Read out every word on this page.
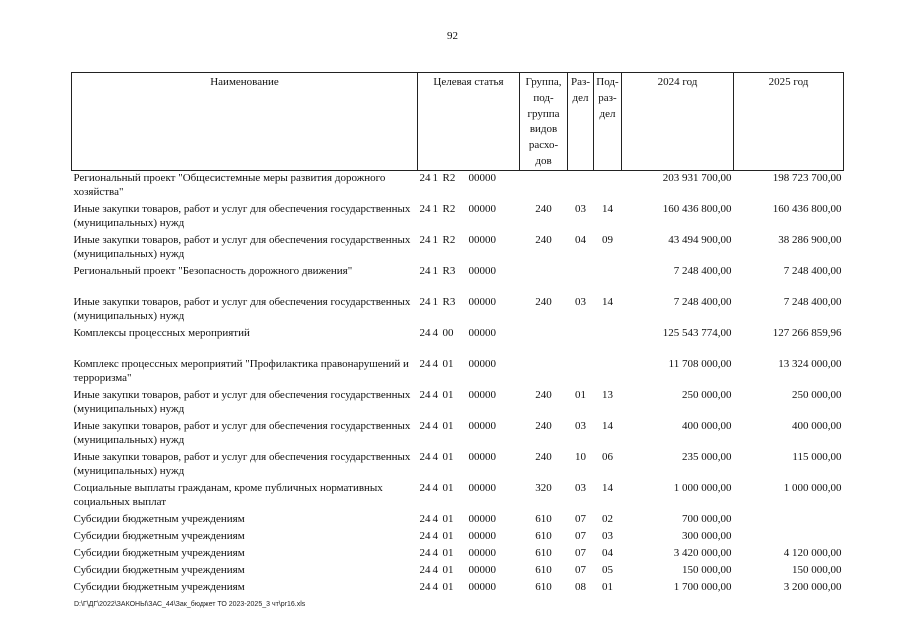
92
Наименование	Целевая статья	Группа, под- группа видов расхо- дов	Раз- дел	Под- раз- дел	2024 год	2025 год
Региональный проект "Общесистемные меры развития дорожного хозяйства"	24 1 R2 00000				203 931 700,00	198 723 700,00
Иные закупки товаров, работ и услуг для обеспечения государственных (муниципальных) нужд	24 1 R2 00000	240	03	14	160 436 800,00	160 436 800,00
Иные закупки товаров, работ и услуг для обеспечения государственных (муниципальных) нужд	24 1 R2 00000	240	04	09	43 494 900,00	38 286 900,00
Региональный проект "Безопасность дорожного движения"	24 1 R3 00000				7 248 400,00	7 248 400,00
Иные закупки товаров, работ и услуг для обеспечения государственных (муниципальных) нужд	24 1 R3 00000	240	03	14	7 248 400,00	7 248 400,00
Комплексы процессных мероприятий	24 4 00 00000				125 543 774,00	127 266 859,96
Комплекс процессных мероприятий "Профилактика правонарушений и терроризма"	24 4 01 00000				11 708 000,00	13 324 000,00
Иные закупки товаров, работ и услуг для обеспечения государственных (муниципальных) нужд	24 4 01 00000	240	01	13	250 000,00	250 000,00
Иные закупки товаров, работ и услуг для обеспечения государственных (муниципальных) нужд	24 4 01 00000	240	03	14	400 000,00	400 000,00
Иные закупки товаров, работ и услуг для обеспечения государственных (муниципальных) нужд	24 4 01 00000	240	10	06	235 000,00	115 000,00
Социальные выплаты гражданам, кроме публичных нормативных социальных выплат	24 4 01 00000	320	03	14	1 000 000,00	1 000 000,00
Субсидии бюджетным учреждениям	24 4 01 00000	610	07	02	700 000,00	
Субсидии бюджетным учреждениям	24 4 01 00000	610	07	03	300 000,00	
Субсидии бюджетным учреждениям	24 4 01 00000	610	07	04	3 420 000,00	4 120 000,00
Субсидии бюджетным учреждениям	24 4 01 00000	610	07	05	150 000,00	150 000,00
Субсидии бюджетным учреждениям	24 4 01 00000	610	08	01	1 700 000,00	3 200 000,00
D:\Г\ДГ\2022\ЗАКОНЫ\ЗАС_44\Зак_бюджет ТО 2023-2025_3 чт\pr16.xls
